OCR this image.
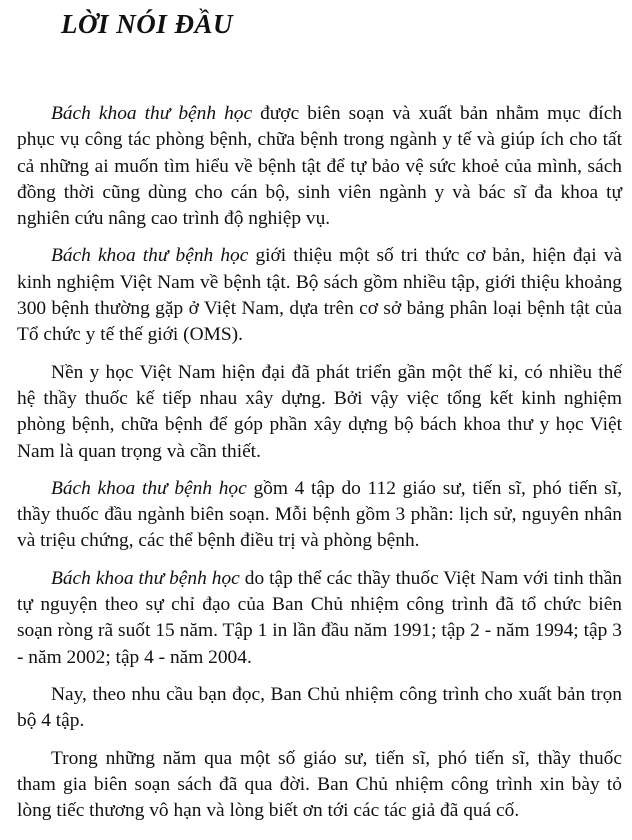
LỜI NÓI ĐẦU

Bách khoa thư bệnh học được biên soạn và xuất bản nhằm mục đích phục vụ công tác phòng bệnh, chữa bệnh trong ngành y tế và giúp ích cho tất cả những ai muốn tìm hiểu về bệnh tật để tự bảo vệ sức khoẻ của mình, sách đồng thời cũng dùng cho cán bộ, sinh viên ngành y và bác sĩ đa khoa tự nghiên cứu nâng cao trình độ nghiệp vụ.

Bách khoa thư bệnh học giới thiệu một số tri thức cơ bản, hiện đại và kinh nghiệm Việt Nam về bệnh tật. Bộ sách gồm nhiều tập, giới thiệu khoảng 300 bệnh thường gặp ở Việt Nam, dựa trên cơ sở bảng phân loại bệnh tật của Tổ chức y tế thế giới (OMS).

Nền y học Việt Nam hiện đại đã phát triển gần một thế kỉ, có nhiều thế hệ thầy thuốc kế tiếp nhau xây dựng. Bởi vậy việc tổng kết kinh nghiệm phòng bệnh, chữa bệnh để góp phần xây dựng bộ bách khoa thư y học Việt Nam là quan trọng và cần thiết.

Bách khoa thư bệnh học gồm 4 tập do 112 giáo sư, tiến sĩ, phó tiến sĩ, thầy thuốc đầu ngành biên soạn. Mỗi bệnh gồm 3 phần: lịch sử, nguyên nhân và triệu chứng, các thể bệnh điều trị và phòng bệnh.

Bách khoa thư bệnh học do tập thể các thầy thuốc Việt Nam với tinh thần tự nguyện theo sự chỉ đạo của Ban Chủ nhiệm công trình đã tổ chức biên soạn ròng rã suốt 15 năm. Tập 1 in lần đầu năm 1991; tập 2 - năm 1994; tập 3 - năm 2002; tập 4 - năm 2004.

Nay, theo nhu cầu bạn đọc, Ban Chủ nhiệm công trình cho xuất bản trọn bộ 4 tập.

Trong những năm qua một số giáo sư, tiến sĩ, phó tiến sĩ, thầy thuốc tham gia biên soạn sách đã qua đời. Ban Chủ nhiệm công trình xin bày tỏ lòng tiếc thương vô hạn và lòng biết ơn tới các tác giả đã quá cố.
